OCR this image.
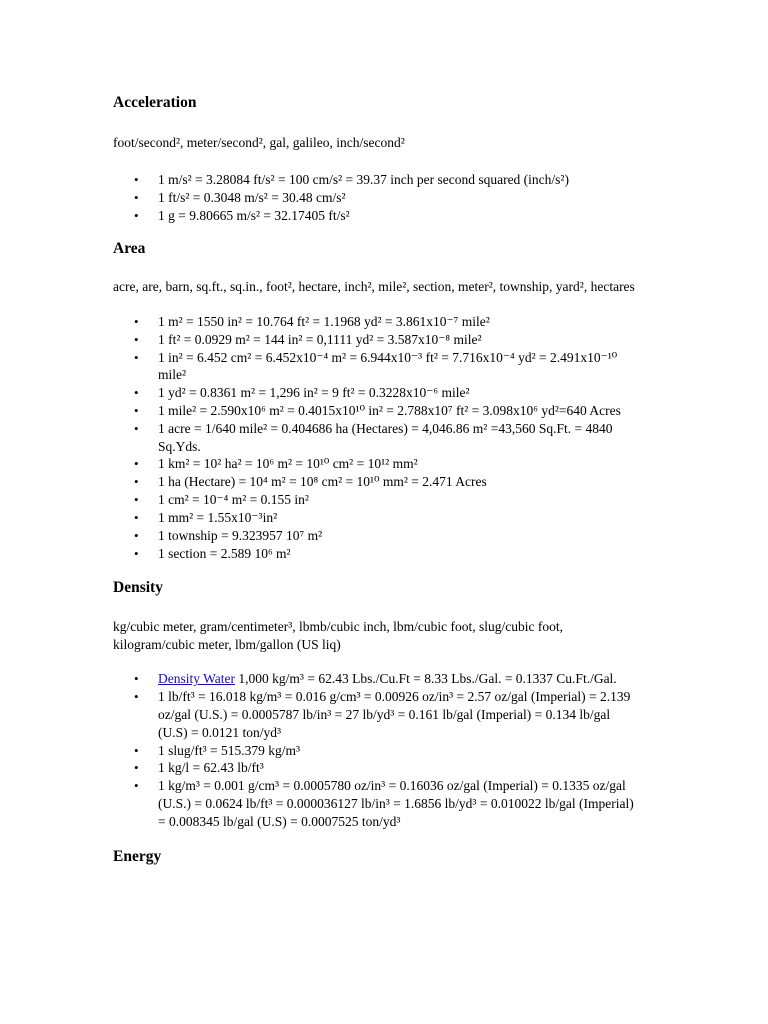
Acceleration

foot/second², meter/second², gal, galileo, inch/second²

• 1 m/s² = 3.28084 ft/s² = 100 cm/s² = 39.37 inch per second squared (inch/s²)
• 1 ft/s² = 0.3048 m/s² = 30.48 cm/s²
• 1 g = 9.80665 m/s² = 32.17405 ft/s²
Area

acre, are, barn, sq.ft., sq.in., foot², hectare, inch², mile², section, meter², township, yard², hectares

• 1 m² = 1550 in² = 10.764 ft² = 1.1968 yd² = 3.861x10⁻⁷ mile²
• 1 ft² = 0.0929 m² = 144 in² = 0,1111 yd² = 3.587x10⁻⁸ mile²
• 1 in² = 6.452 cm² = 6.452x10⁻⁴ m² = 6.944x10⁻³ ft² = 7.716x10⁻⁴ yd² = 2.491x10⁻¹⁰ mile²
• 1 yd² = 0.8361 m² = 1,296 in² = 9 ft² = 0.3228x10⁻⁶ mile²
• 1 mile² = 2.590x10⁶ m² = 0.4015x10¹⁰ in² = 2.788x10⁷ ft² = 3.098x10⁶ yd²=640 Acres
• 1 acre = 1/640 mile² = 0.404686 ha (Hectares) = 4,046.86 m² =43,560 Sq.Ft. = 4840 Sq.Yds.
• 1 km² = 10² ha² = 10⁶ m² = 10¹⁰ cm² = 10¹² mm²
• 1 ha (Hectare) = 10⁴ m² = 10⁸ cm² = 10¹⁰ mm² = 2.471 Acres
• 1 cm² = 10⁻⁴ m² = 0.155 in²
• 1 mm² = 1.55x10⁻³in²
• 1 township = 9.323957 10⁷ m²
• 1 section = 2.589 10⁶ m²
Density

kg/cubic meter, gram/centimeter³, lbmb/cubic inch, lbm/cubic foot, slug/cubic foot, kilogram/cubic meter, lbm/gallon (US liq)

• Density Water 1,000 kg/m³ = 62.43 Lbs./Cu.Ft = 8.33 Lbs./Gal. = 0.1337 Cu.Ft./Gal.
• 1 lb/ft³ = 16.018 kg/m³ = 0.016 g/cm³ = 0.00926 oz/in³ = 2.57 oz/gal (Imperial) = 2.139 oz/gal (U.S.) = 0.0005787 lb/in³ = 27 lb/yd³ = 0.161 lb/gal (Imperial) = 0.134 lb/gal (U.S) = 0.0121 ton/yd³
• 1 slug/ft³ = 515.379 kg/m³
• 1 kg/l = 62.43 lb/ft³
• 1 kg/m³ = 0.001 g/cm³ = 0.0005780 oz/in³ = 0.16036 oz/gal (Imperial) = 0.1335 oz/gal (U.S.) = 0.0624 lb/ft³ = 0.000036127 lb/in³ = 1.6856 lb/yd³ = 0.010022 lb/gal (Imperial) = 0.008345 lb/gal (U.S) = 0.0007525 ton/yd³
Energy
